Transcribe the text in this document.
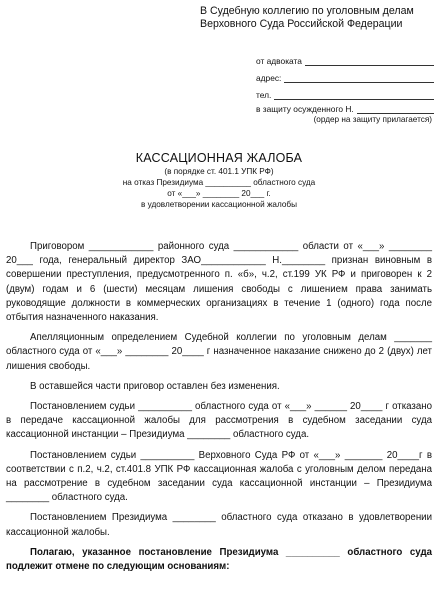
В Судебную коллегию по уголовным делам
Верховного Суда Российской Федерации
от адвоката
адрес:
тел.
в защиту осужденного Н.
(ордер на защиту прилагается)
КАССАЦИОННАЯ ЖАЛОБА
(в порядке ст. 401.1 УПК РФ)
на отказ Президиума __________ областного суда
от «___» ________ 20___ г.
в удовлетворении кассационной жалобы

Приговором ____________ районного суда ____________ области от «___» ________ 20___ года, генеральный директор ЗАО____________ Н.________ признан виновным в совершении преступления, предусмотренного п. «б», ч.2, ст.199 УК РФ и приговорен к 2 (двум) годам и 6 (шести) месяцам лишения свободы с лишением права занимать руководящие должности в коммерческих организациях в течение 1 (одного) года после отбытия назначенного наказания.

Апелляционным определением Судебной коллегии по уголовным делам _______ областного суда от «___» ________ 20____ г назначенное наказание снижено до 2 (двух) лет лишения свободы.

В оставшейся части приговор оставлен без изменения.

Постановлением судьи __________ областного суда от «___» ______ 20____ г отказано в передаче кассационной жалобы для рассмотрения в судебном заседании суда кассационной инстанции – Президиума ________ областного суда.

Постановлением судьи __________ Верховного Суда РФ от «___» _______ 20____г в соответствии с п.2, ч.2, ст.401.8 УПК РФ кассационная жалоба с уголовным делом передана на рассмотрение в судебном заседании суда кассационной инстанции – Президиума ________ областного суда.

Постановлением Президиума ________ областного суда отказано в удовлетворении кассационной жалобы.

Полагаю, указанное постановление Президиума __________ областного суда подлежит отмене по следующим основаниям:
